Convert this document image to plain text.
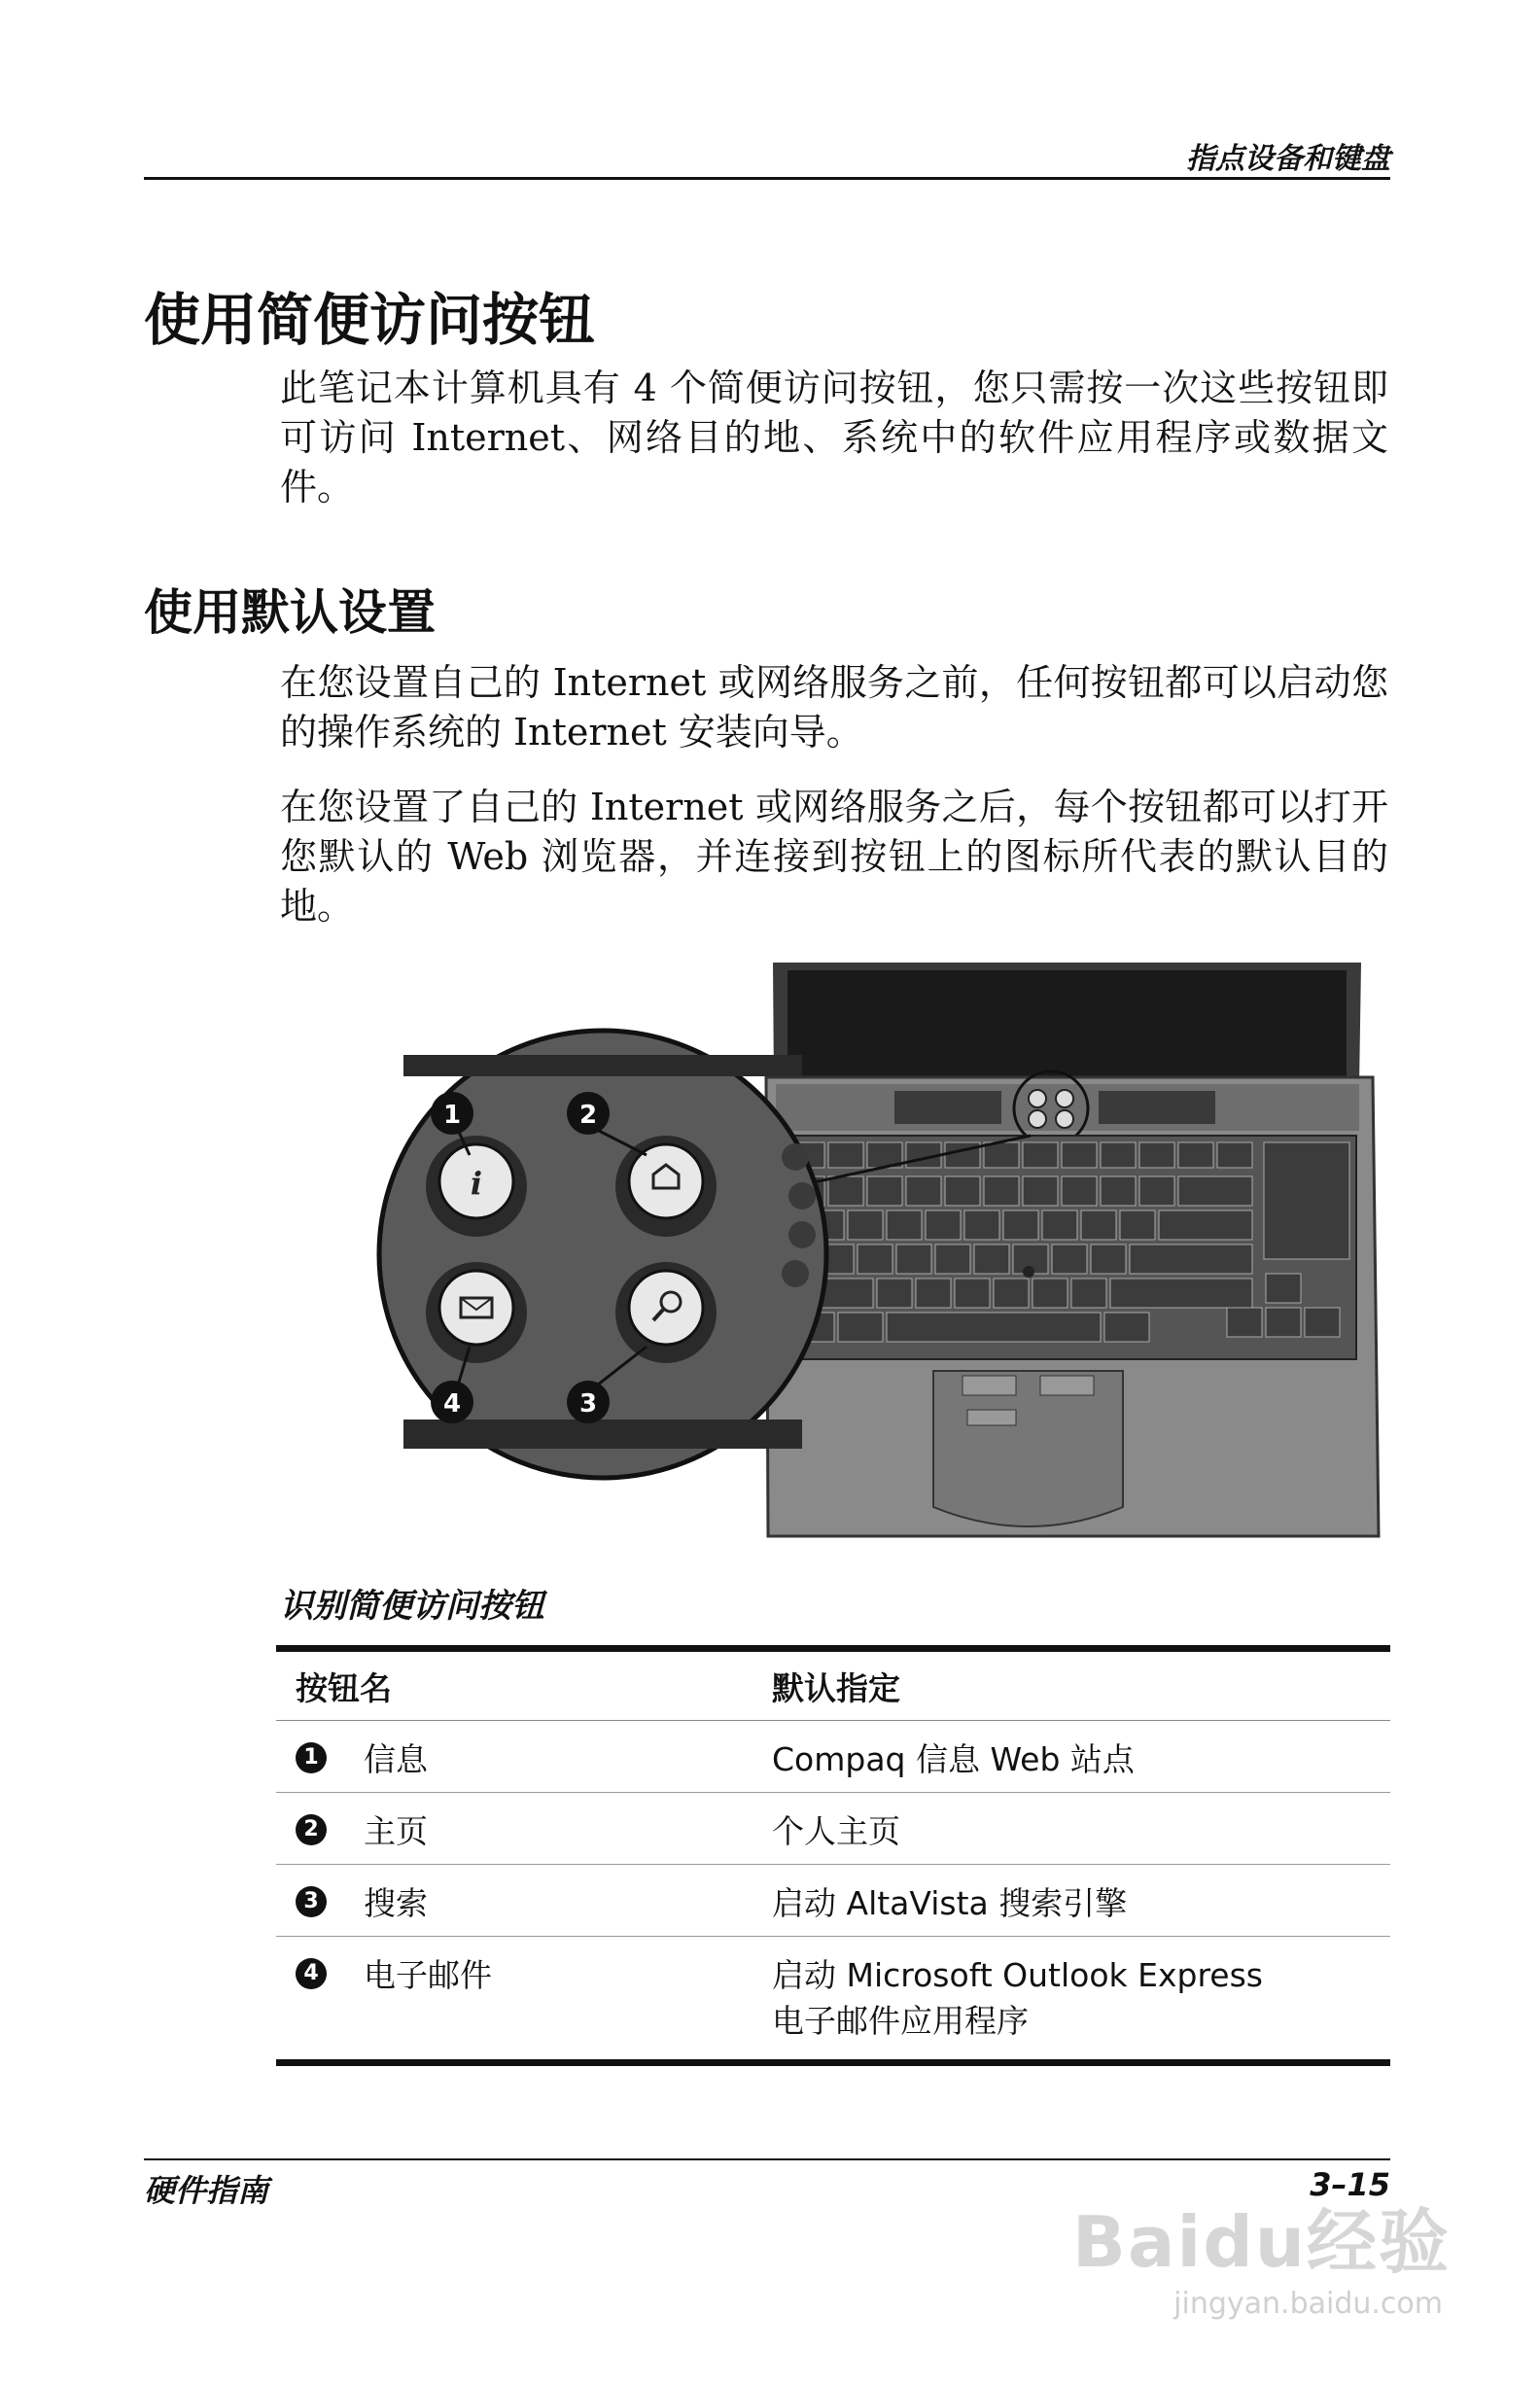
指点设备和键盘
使用简便访问按钮
此笔记本计算机具有 4 个简便访问按钮，您只需按一次这些按钮即可访问 Internet、网络目的地、系统中的软件应用程序或数据文件。
使用默认设置
在您设置自己的 Internet 或网络服务之前，任何按钮都可以启动您的操作系统的 Internet 安装向导。
在您设置了自己的 Internet 或网络服务之后，每个按钮都可以打开您默认的 Web 浏览器，并连接到按钮上的图标所代表的默认目的地。
i
1	2
3
4
识别简便访问按钮
按钮名	默认指定
1 信息	Compaq 信息 Web 站点
2 主页	个人主页
3 搜索	启动 AltaVista 搜索引擎
4 电子邮件	启动 Microsoft Outlook Express
电子邮件应用程序
硬件指南	3–15
Baidu经验
jingyan.baidu.com
